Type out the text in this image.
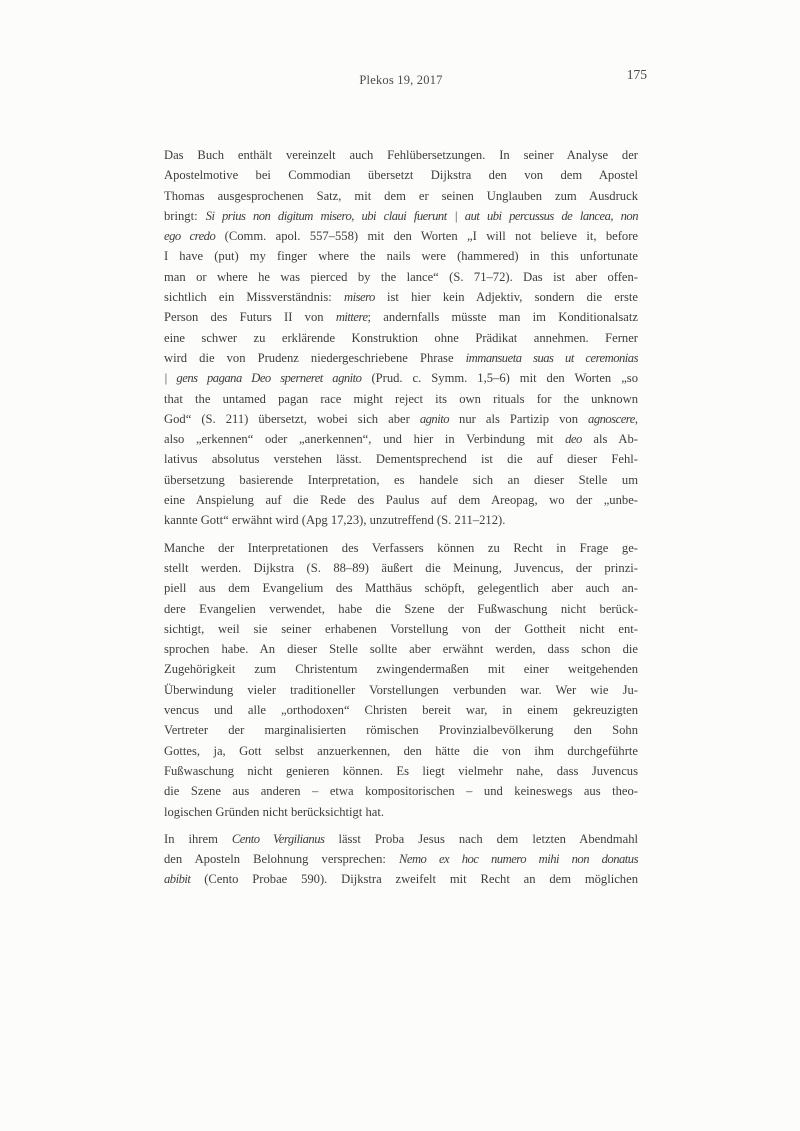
Plekos 19, 2017	175
Das Buch enthält vereinzelt auch Fehlübersetzungen. In seiner Analyse der
Apostelmotive bei Commodian übersetzt Dijkstra den von dem Apostel
Thomas ausgesprochenen Satz, mit dem er seinen Unglauben zum Ausdruck
bringt: Si prius non digitum misero, ubi claui fuerunt | aut ubi percussus de lancea, non
ego credo (Comm. apol. 557–558) mit den Worten „I will not believe it, before
I have (put) my finger where the nails were (hammered) in this unfortunate
man or where he was pierced by the lance“ (S. 71–72). Das ist aber offen-
sichtlich ein Missverständnis: misero ist hier kein Adjektiv, sondern die erste
Person des Futurs II von mittere; andernfalls müsste man im Konditionalsatz
eine schwer zu erklärende Konstruktion ohne Prädikat annehmen. Ferner
wird die von Prudenz niedergeschriebene Phrase immansueta suas ut ceremonias
| gens pagana Deo sperneret agnito (Prud. c. Symm. 1,5–6) mit den Worten „so
that the untamed pagan race might reject its own rituals for the unknown
God“ (S. 211) übersetzt, wobei sich aber agnito nur als Partizip von agnoscere,
also „erkennen“ oder „anerkennen“, und hier in Verbindung mit deo als Ab-
lativus absolutus verstehen lässt. Dementsprechend ist die auf dieser Fehl-
übersetzung basierende Interpretation, es handele sich an dieser Stelle um
eine Anspielung auf die Rede des Paulus auf dem Areopag, wo der „unbe-
kannte Gott“ erwähnt wird (Apg 17,23), unzutreffend (S. 211–212).
Manche der Interpretationen des Verfassers können zu Recht in Frage ge-
stellt werden. Dijkstra (S. 88–89) äußert die Meinung, Juvencus, der prinzi-
piell aus dem Evangelium des Matthäus schöpft, gelegentlich aber auch an-
dere Evangelien verwendet, habe die Szene der Fußwaschung nicht berück-
sichtigt, weil sie seiner erhabenen Vorstellung von der Gottheit nicht ent-
sprochen habe. An dieser Stelle sollte aber erwähnt werden, dass schon die
Zugehörigkeit zum Christentum zwingendermaßen mit einer weitgehenden
Überwindung vieler traditioneller Vorstellungen verbunden war. Wer wie Ju-
vencus und alle „orthodoxen“ Christen bereit war, in einem gekreuzigten
Vertreter der marginalisierten römischen Provinzialbevölkerung den Sohn
Gottes, ja, Gott selbst anzuerkennen, den hätte die von ihm durchgeführte
Fußwaschung nicht genieren können. Es liegt vielmehr nahe, dass Juvencus
die Szene aus anderen – etwa kompositorischen – und keineswegs aus theo-
logischen Gründen nicht berücksichtigt hat.
In ihrem Cento Vergilianus lässt Proba Jesus nach dem letzten Abendmahl
den Aposteln Belohnung versprechen: Nemo ex hoc numero mihi non donatus
abibit (Cento Probae 590). Dijkstra zweifelt mit Recht an dem möglichen
